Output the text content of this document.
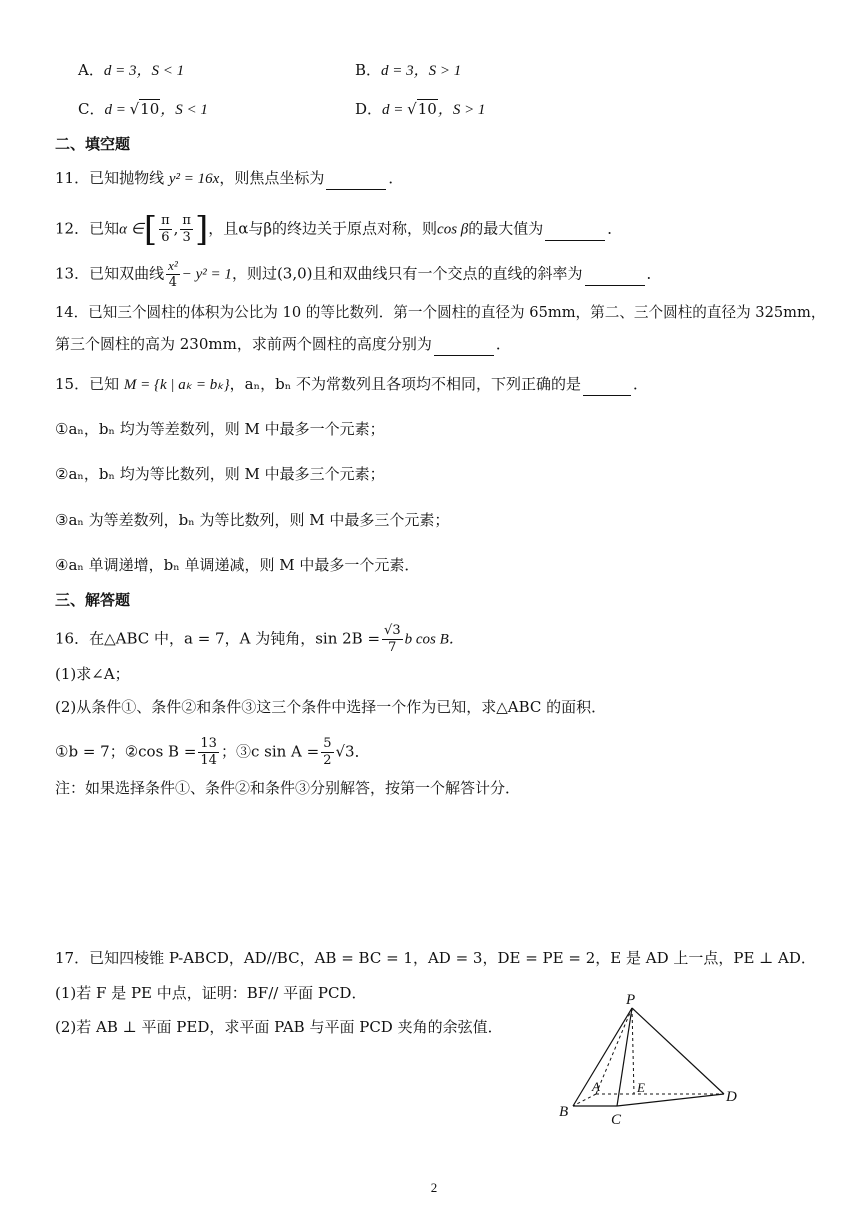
A．d = 3，S < 1	B．d = 3，S > 1
C．d = √10，S < 1	D．d = √10，S > 1
二、填空题
11．已知抛物线 y² = 16x，则焦点坐标为	．
12．已知α ∈[ $\frac{\pi}{6}$ , $\frac{\pi}{3}$ ]，且α与β的终边关于原点对称，则cos β的最大值为	．
13．已知双曲线 $\frac{\text{x²}}{4} - y^2 = 1$，则过(3,0)且和双曲线只有一个交点的直线的斜率为	．
14．已知三个圆柱的体积为公比为 10 的等比数列．第一个圆柱的直径为 65mm，第二、三个圆柱的直径为 325mm，
第三个圆柱的高为 230mm，求前两个圆柱的高度分别为	．
15．已知 M = {k | aₖ = bₖ}，aₙ，bₙ 不为常数列且各项均不相同，下列正确的是	．
①aₙ，bₙ 均为等差数列，则 M 中最多一个元素；
②aₙ，bₙ 均为等比数列，则 M 中最多三个元素；
③aₙ 为等差数列，bₙ 为等比数列，则 M 中最多三个元素；
④aₙ 单调递增，bₙ 单调递减，则 M 中最多一个元素．
三、解答题
16．在△ABC 中，a = 7，A 为钝角，$\sin 2B = \frac{√3}{7}$ b cos B．
(1)求∠A；
(2)从条件①、条件②和条件③这三个条件中选择一个作为已知，求△ABC 的面积．
①b = 7；②cos $B = \frac{13}{14}$ ；③c $\sin A = \frac{5}{2} √3$．
注：如果选择条件①、条件②和条件③分别解答，按第一个解答计分．
17．已知四棱锥 P-ABCD，AD//BC，AB = BC = 1，AD = 3，DE = PE = 2，E 是 AD 上一点，PE ⊥ AD．
(1)若 F 是 PE 中点，证明：BF// 平面 PCD．
(2)若 AB ⊥ 平面 PED，求平面 PAB 与平面 PCD 夹角的余弦值．
P
A	E
B	C
D
2
